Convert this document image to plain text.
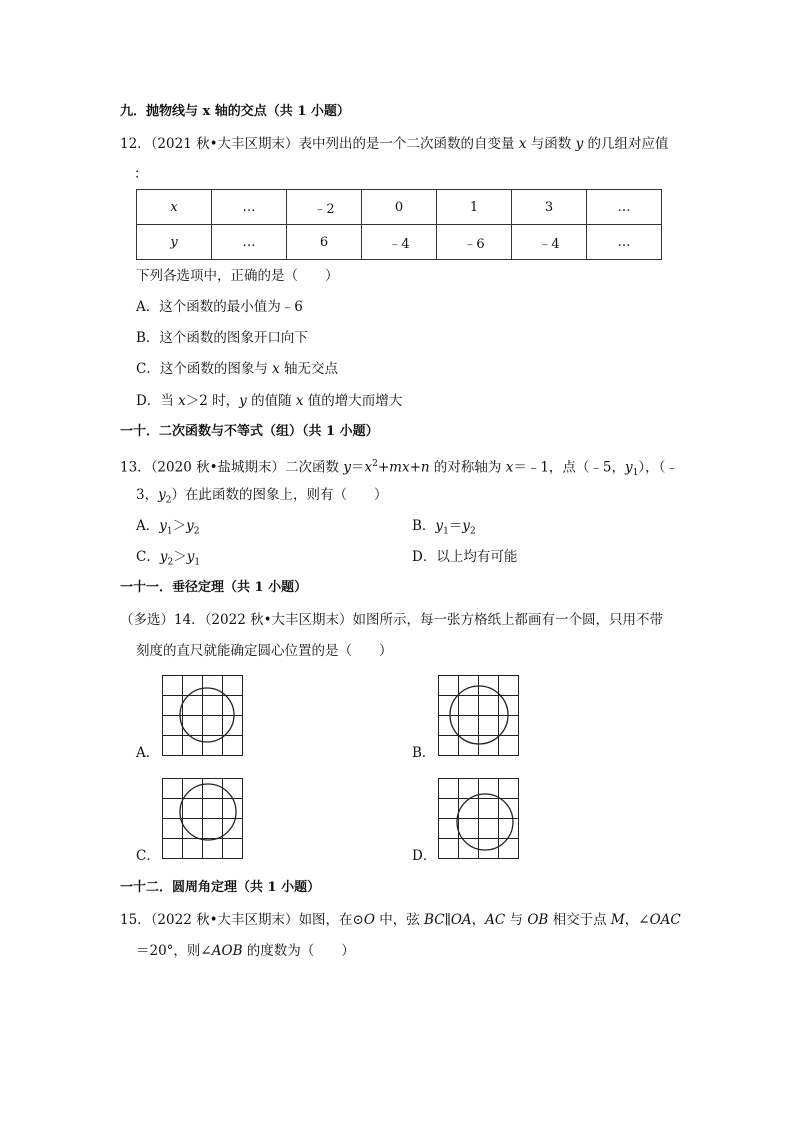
九．抛物线与 x 轴的交点（共 1 小题）
12．（2021 秋•大丰区期末）表中列出的是一个二次函数的自变量 x 与函数 y 的几组对应值
：
x	…	﹣2	0	1	3	…
y	…	6	﹣4	﹣6	﹣4	…
下列各选项中，正确的是（　　）
A．这个函数的最小值为﹣6
B．这个函数的图象开口向下
C．这个函数的图象与 x 轴无交点
D．当 x＞2 时，y 的值随 x 值的增大而增大
一十．二次函数与不等式（组）（共 1 小题）
13．（2020 秋•盐城期末）二次函数 $y=x^2+mx+n$ 的对称轴为 x＝﹣1，点（﹣5，$y_1$），（﹣
3，$y_2$）在此函数的图象上，则有（　　）
A．$y_1>y_2$	B．$y_1=y_2$
C．$y_2>y_1$	D．以上均有可能
一十一．垂径定理（共 1 小题）
（多选）14．（2022 秋•大丰区期末）如图所示，每一张方格纸上都画有一个圆，只用不带
刻度的直尺就能确定圆心位置的是（　　）
A．	B．
C．	D．
一十二．圆周角定理（共 1 小题）
15．（2022 秋•大丰区期末）如图，在⊙O 中，弦 BC∥OA，AC 与 OB 相交于点 M，∠OAC
＝20°，则∠AOB 的度数为（　　）
